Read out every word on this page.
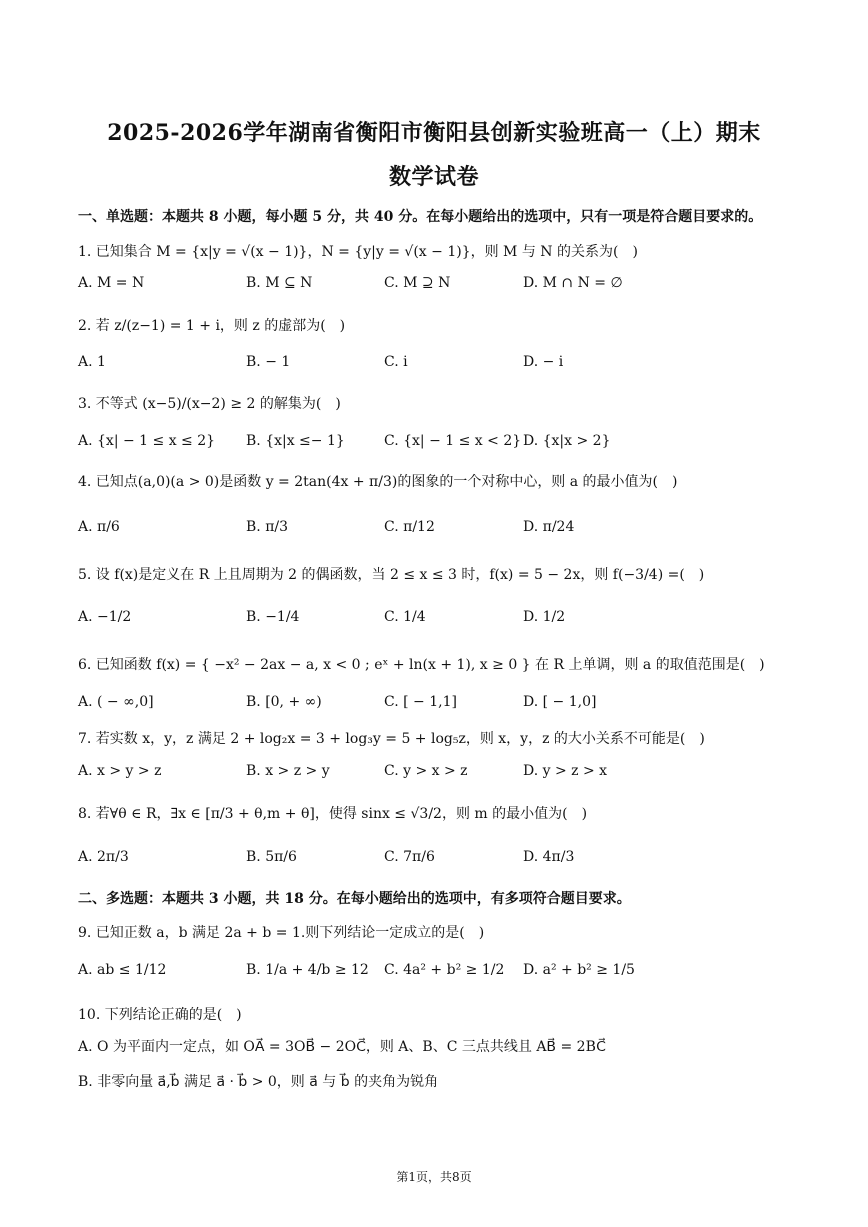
2025-2026学年湖南省衡阳市衡阳县创新实验班高一（上）期末
数学试卷
一、单选题：本题共 8 小题，每小题 5 分，共 40 分。在每小题给出的选项中，只有一项是符合题目要求的。
1. 已知集合 M = {x|y = √(x − 1)}，N = {y|y = √(x − 1)}，则 M 与 N 的关系为(　)
A. M = N	B. M ⊆ N	C. M ⊇ N	D. M ∩ N = ∅
2. 若 z/(z−1) = 1 + i，则 z 的虚部为(　)
A. 1	B. − 1	C. i	D. − i
3. 不等式 (x−5)/(x−2) ≥ 2 的解集为(　)
A. {x| − 1 ≤ x ≤ 2} B. {x|x ≤− 1}	C. {x| − 1 ≤ x < 2} D. {x|x > 2}
4. 已知点(a,0)(a > 0)是函数 y = 2tan(4x + π/3)的图象的一个对称中心，则 a 的最小值为(　)
A. π/6	B. π/3	C. π/12	D. π/24
5. 设 f(x)是定义在 R 上且周期为 2 的偶函数，当 2 ≤ x ≤ 3 时，f(x) = 5 − 2x，则 f(−3/4) =(　)
A. −1/2	B. −1/4	C. 1/4	D. 1/2
6. 已知函数 f(x) = { −x² − 2ax − a, x < 0 ; eˣ + ln(x + 1), x ≥ 0 } 在 R 上单调，则 a 的取值范围是(　)
A. ( − ∞,0]	B. [0, + ∞)	C. [ − 1,1]	D. [ − 1,0]
7. 若实数 x，y，z 满足 2 + log₂x = 3 + log₃y = 5 + log₅z，则 x，y，z 的大小关系不可能是(　)
A. x > y > z	B. x > z > y	C. y > x > z	D. y > z > x
8. 若∀θ ∈ R，∃x ∈ [π/3 + θ,m + θ]，使得 sinx ≤ √3/2，则 m 的最小值为(　)
A. 2π/3	B. 5π/6	C. 7π/6	D. 4π/3
二、多选题：本题共 3 小题，共 18 分。在每小题给出的选项中，有多项符合题目要求。
9. 已知正数 a，b 满足 2a + b = 1.则下列结论一定成立的是(　)
A. ab ≤ 1/12	B. 1/a + 4/b ≥ 12 C. 4a² + b² ≥ 1/2 D. a² + b² ≥ 1/5
10. 下列结论正确的是(　)
A. O 为平面内一定点，如 OA⃗ = 3OB⃗ − 2OC⃗，则 A、B、C 三点共线且 AB⃗ = 2BC⃗
B. 非零向量 a⃗,b⃗ 满足 a⃗ · b⃗ > 0，则 a⃗ 与 b⃗ 的夹角为锐角
第1页，共8页
